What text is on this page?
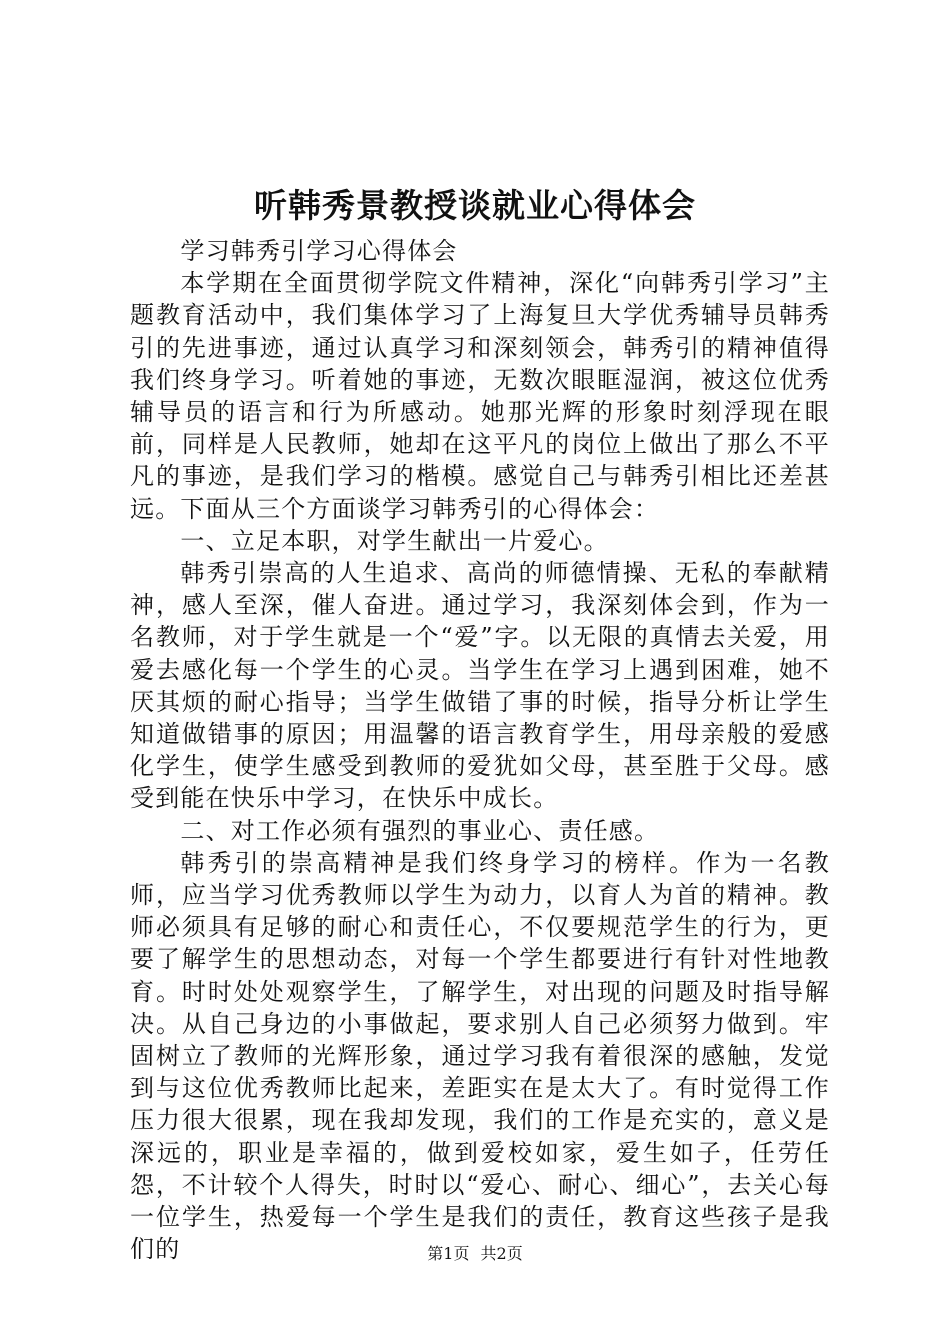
听韩秀景教授谈就业心得体会

学习韩秀引学习心得体会

本学期在全面贯彻学院文件精神，深化“向韩秀引学习”主题教育活动中，我们集体学习了上海复旦大学优秀辅导员韩秀引的先进事迹，通过认真学习和深刻领会，韩秀引的精神值得我们终身学习。听着她的事迹，无数次眼眶湿润，被这位优秀辅导员的语言和行为所感动。她那光辉的形象时刻浮现在眼前，同样是人民教师，她却在这平凡的岗位上做出了那么不平凡的事迹，是我们学习的楷模。感觉自己与韩秀引相比还差甚远。下面从三个方面谈学习韩秀引的心得体会：

一、立足本职，对学生献出一片爱心。

韩秀引崇高的人生追求、高尚的师德情操、无私的奉献精神，感人至深，催人奋进。通过学习，我深刻体会到，作为一名教师，对于学生就是一个“爱”字。以无限的真情去关爱，用爱去感化每一个学生的心灵。当学生在学习上遇到困难，她不厌其烦的耐心指导；当学生做错了事的时候，指导分析让学生知道做错事的原因；用温馨的语言教育学生，用母亲般的爱感化学生，使学生感受到教师的爱犹如父母，甚至胜于父母。感受到能在快乐中学习，在快乐中成长。

二、对工作必须有强烈的事业心、责任感。

韩秀引的崇高精神是我们终身学习的榜样。作为一名教师，应当学习优秀教师以学生为动力，以育人为首的精神。教师必须具有足够的耐心和责任心，不仅要规范学生的行为，更要了解学生的思想动态，对每一个学生都要进行有针对性地教育。时时处处观察学生，了解学生，对出现的问题及时指导解决。从自己身边的小事做起，要求别人自己必须努力做到。牢固树立了教师的光辉形象，通过学习我有着很深的感触，发觉到与这位优秀教师比起来，差距实在是太大了。有时觉得工作压力很大很累，现在我却发现，我们的工作是充实的，意义是深远的，职业是幸福的，做到爱校如家，爱生如子，任劳任怨，不计较个人得失，时时以“爱心、耐心、细心”，去关心每一位学生，热爱每一个学生是我们的责任，教育这些孩子是我们的	第1页 共2页
